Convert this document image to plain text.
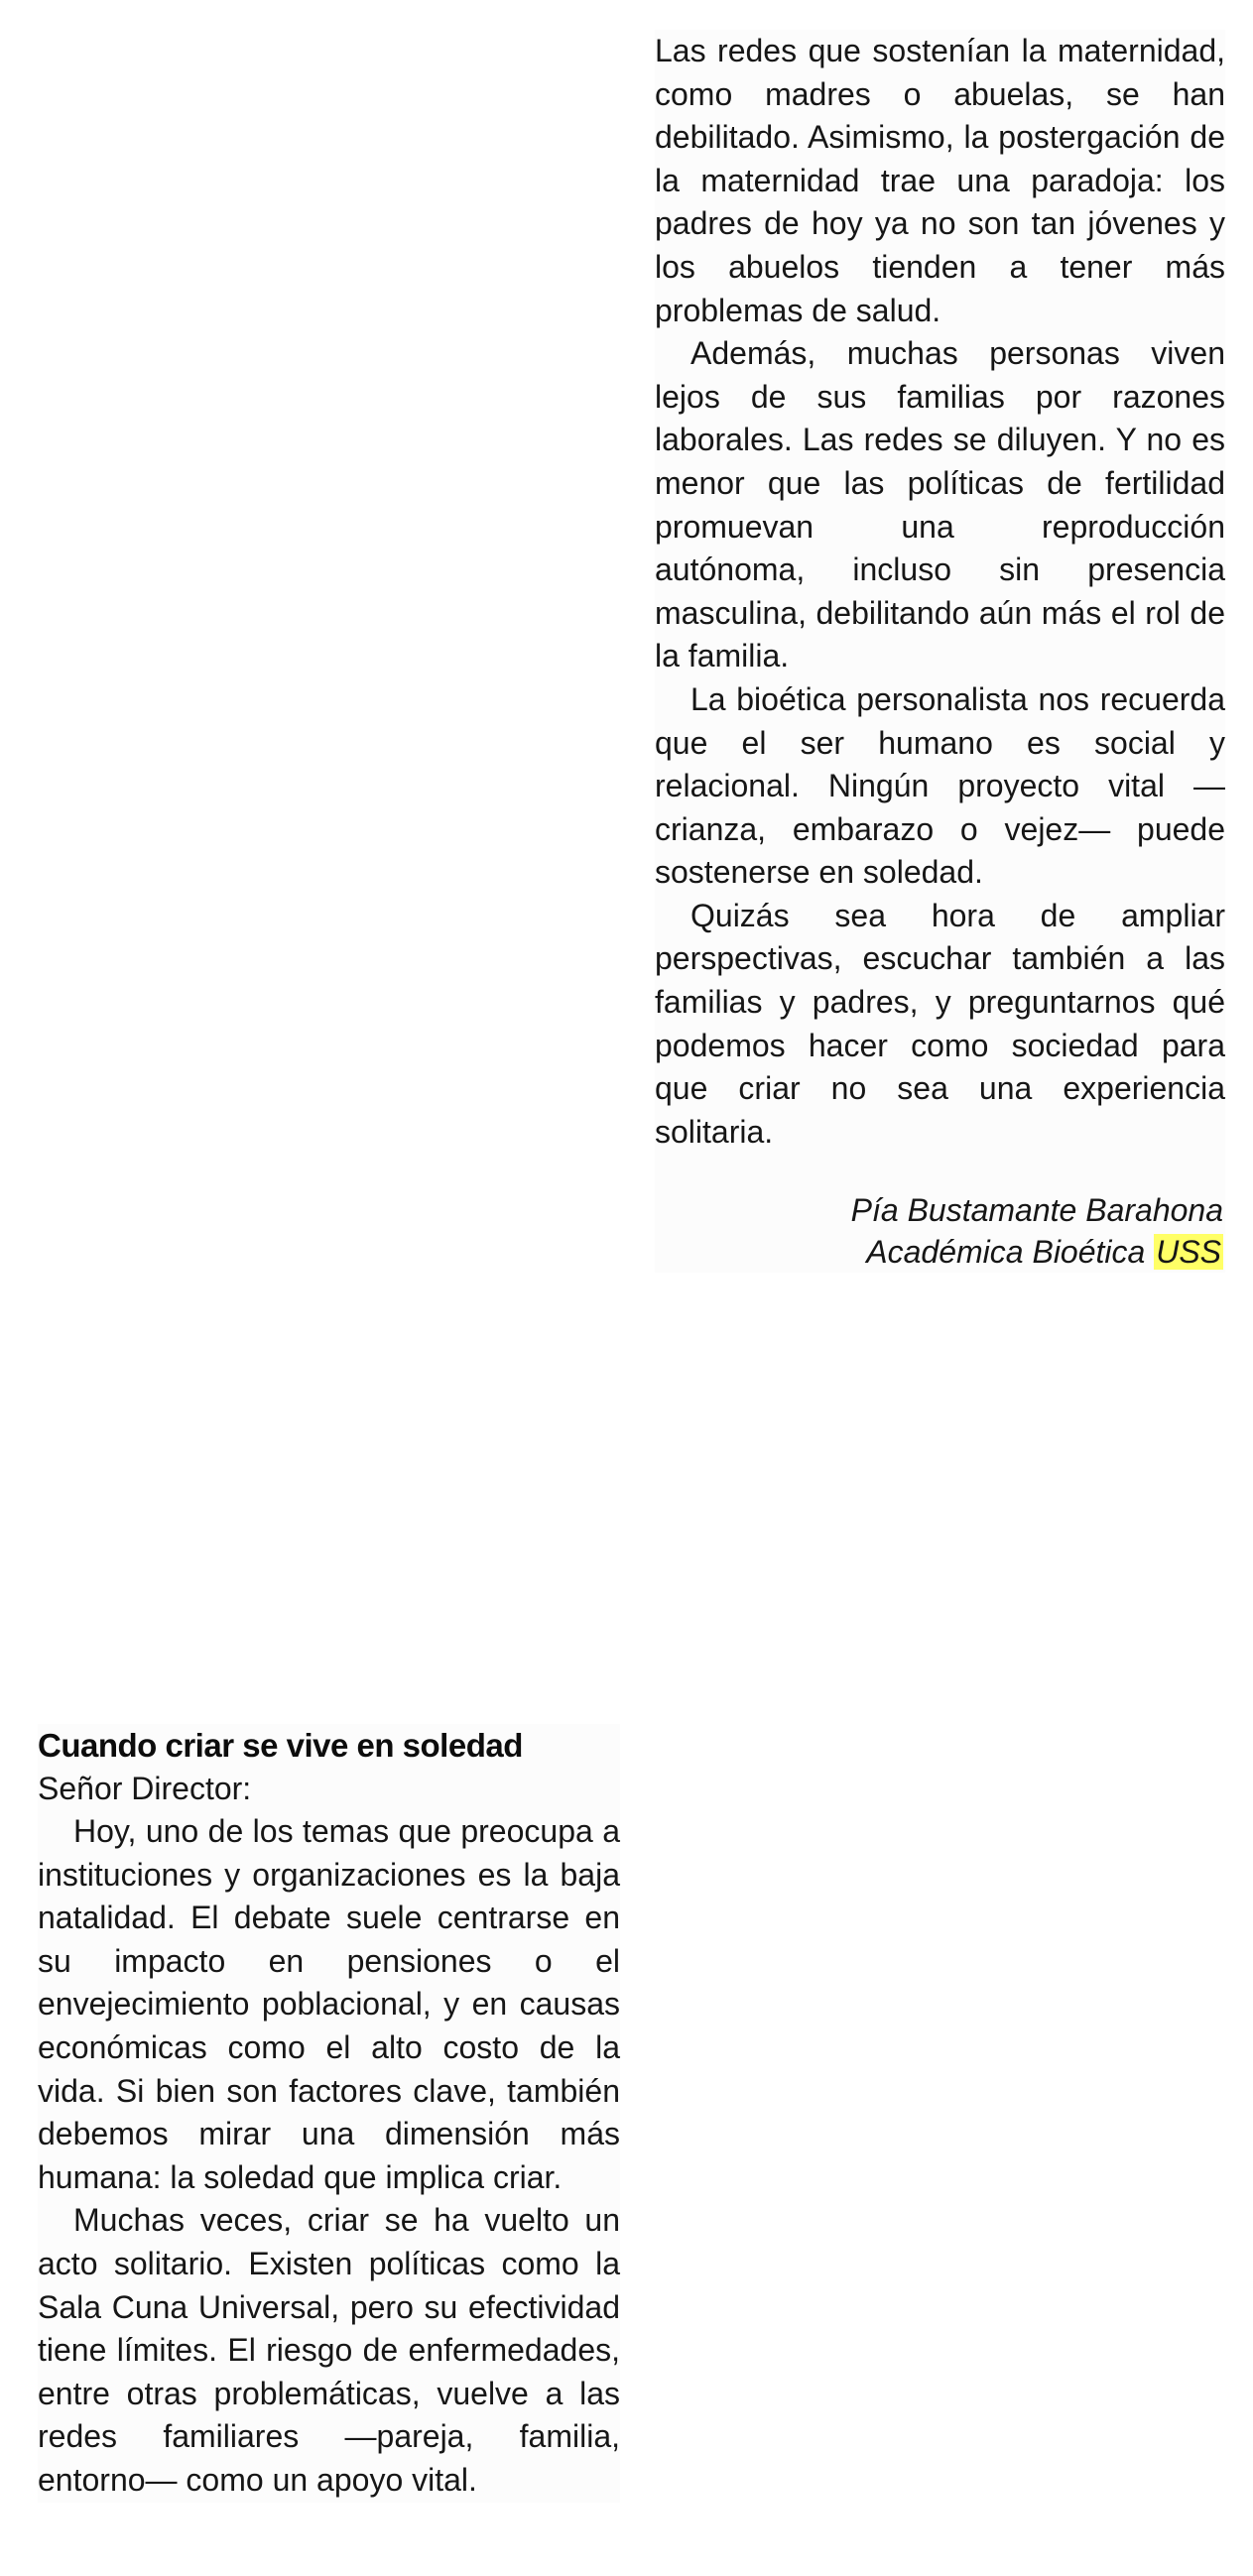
Las redes que sostenían la maternidad, como madres o abuelas, se han debilitado. Asimismo, la postergación de la maternidad trae una paradoja: los padres de hoy ya no son tan jóvenes y los abuelos tienden a tener más problemas de salud.

Además, muchas personas viven lejos de sus familias por razones laborales. Las redes se diluyen. Y no es menor que las políticas de fertilidad promuevan una reproducción autónoma, incluso sin presencia masculina, debilitando aún más el rol de la familia.

La bioética personalista nos recuerda que el ser humano es social y relacional. Ningún proyecto vital —crianza, embarazo o vejez— puede sostenerse en soledad.

Quizás sea hora de ampliar perspectivas, escuchar también a las familias y padres, y preguntarnos qué podemos hacer como sociedad para que criar no sea una experiencia solitaria.

Pía Bustamante Barahona
Académica Bioética USS
Cuando criar se vive en soledad

Señor Director:

Hoy, uno de los temas que preocupa a instituciones y organizaciones es la baja natalidad. El debate suele centrarse en su impacto en pensiones o el envejecimiento poblacional, y en causas económicas como el alto costo de la vida. Si bien son factores clave, también debemos mirar una dimensión más humana: la soledad que implica criar.

Muchas veces, criar se ha vuelto un acto solitario. Existen políticas como la Sala Cuna Universal, pero su efectividad tiene límites. El riesgo de enfermedades, entre otras problemáticas, vuelve a las redes familiares —pareja, familia, entorno— como un apoyo vital.
